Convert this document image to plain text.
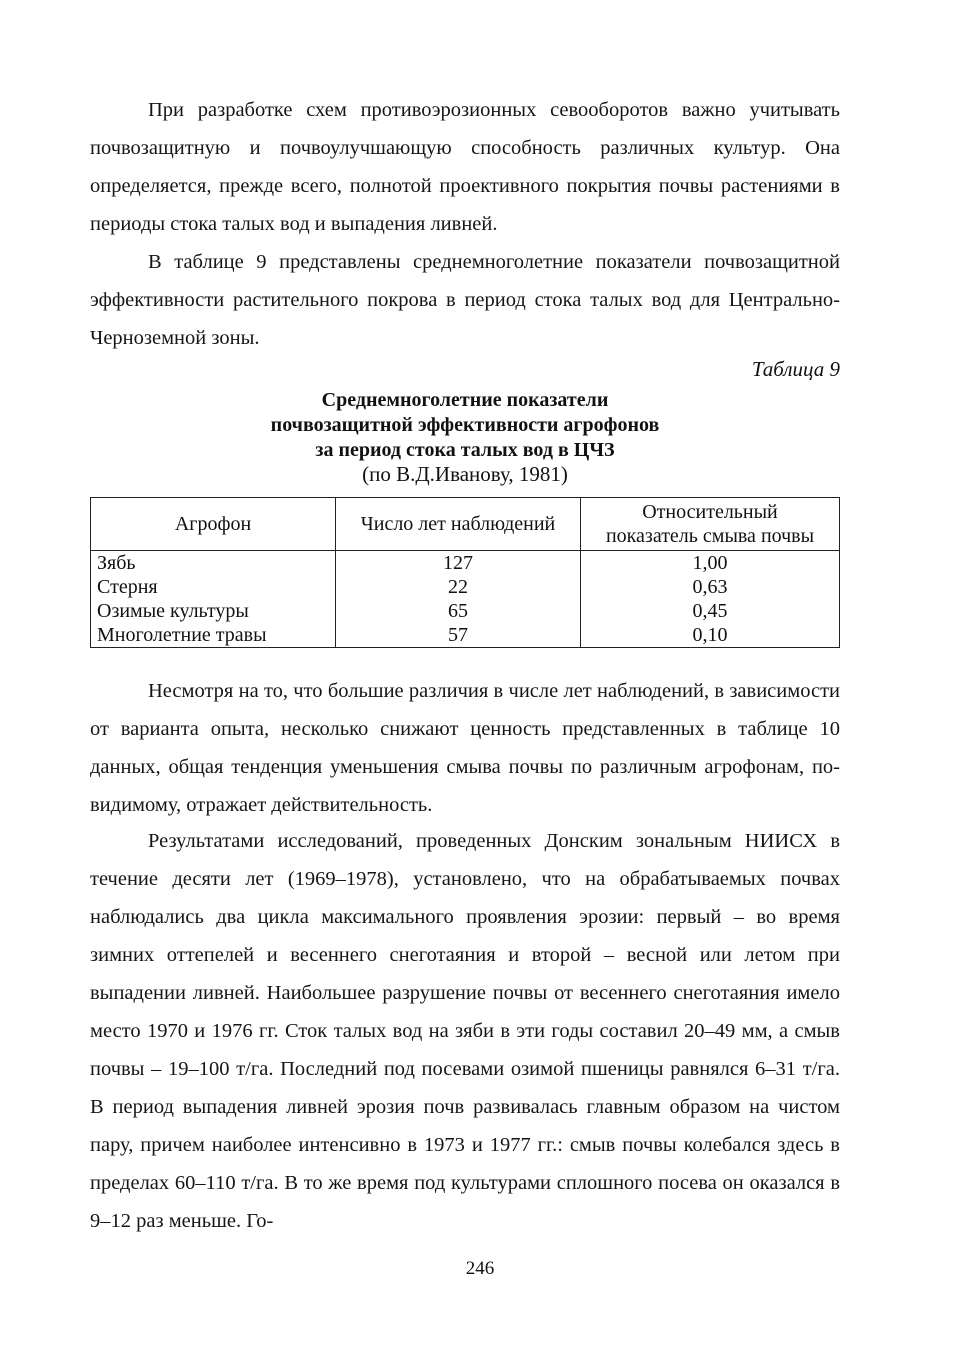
При разработке схем противоэрозионных севооборотов важно учитывать почвозащитную и почвоулучшающую способность различных культур. Она определяется, прежде всего, полнотой проективного покрытия почвы растениями в периоды стока талых вод и выпадения ливней.

В таблице 9 представлены среднемноголетние показатели почвозащитной эффективности растительного покрова в период стока талых вод для Центрально-Черноземной зоны.

Таблица 9
Среднемноголетние показатели
почвозащитной эффективности агрофонов
за период стока талых вод в ЦЧЗ
(по В.Д.Иванову, 1981)
Агрофон	Число лет наблюдений	Относительный
показатель смыва почвы

Зябь	127	1,00
Стерня	22	0,63
Озимые культуры	65	0,45
Многолетние травы	57	0,10

Несмотря на то, что большие различия в числе лет наблюдений, в зависимости от варианта опыта, несколько снижают ценность представленных в таблице 10 данных, общая тенденция уменьшения смыва почвы по различным агрофонам, по-видимому, отражает действительность.

Результатами исследований, проведенных Донским зональным НИИСХ в течение десяти лет (1969–1978), установлено, что на обрабатываемых почвах наблюдались два цикла максимального проявления эрозии: первый – во время зимних оттепелей и весеннего снеготаяния и второй – весной или летом при выпадении ливней. Наибольшее разрушение почвы от весеннего снеготаяния имело место 1970 и 1976 гг. Сток талых вод на зяби в эти годы составил 20–49 мм, а смыв почвы – 19–100 т/га. Последний под посевами озимой пшеницы равнялся 6–31 т/га. В период выпадения ливней эрозия почв развивалась главным образом на чистом пару, причем наиболее интенсивно в 1973 и 1977 гг.: смыв почвы колебался здесь в пределах 60–110 т/га. В то же время под культурами сплошного посева он оказался в 9–12 раз меньше. Го-

246
